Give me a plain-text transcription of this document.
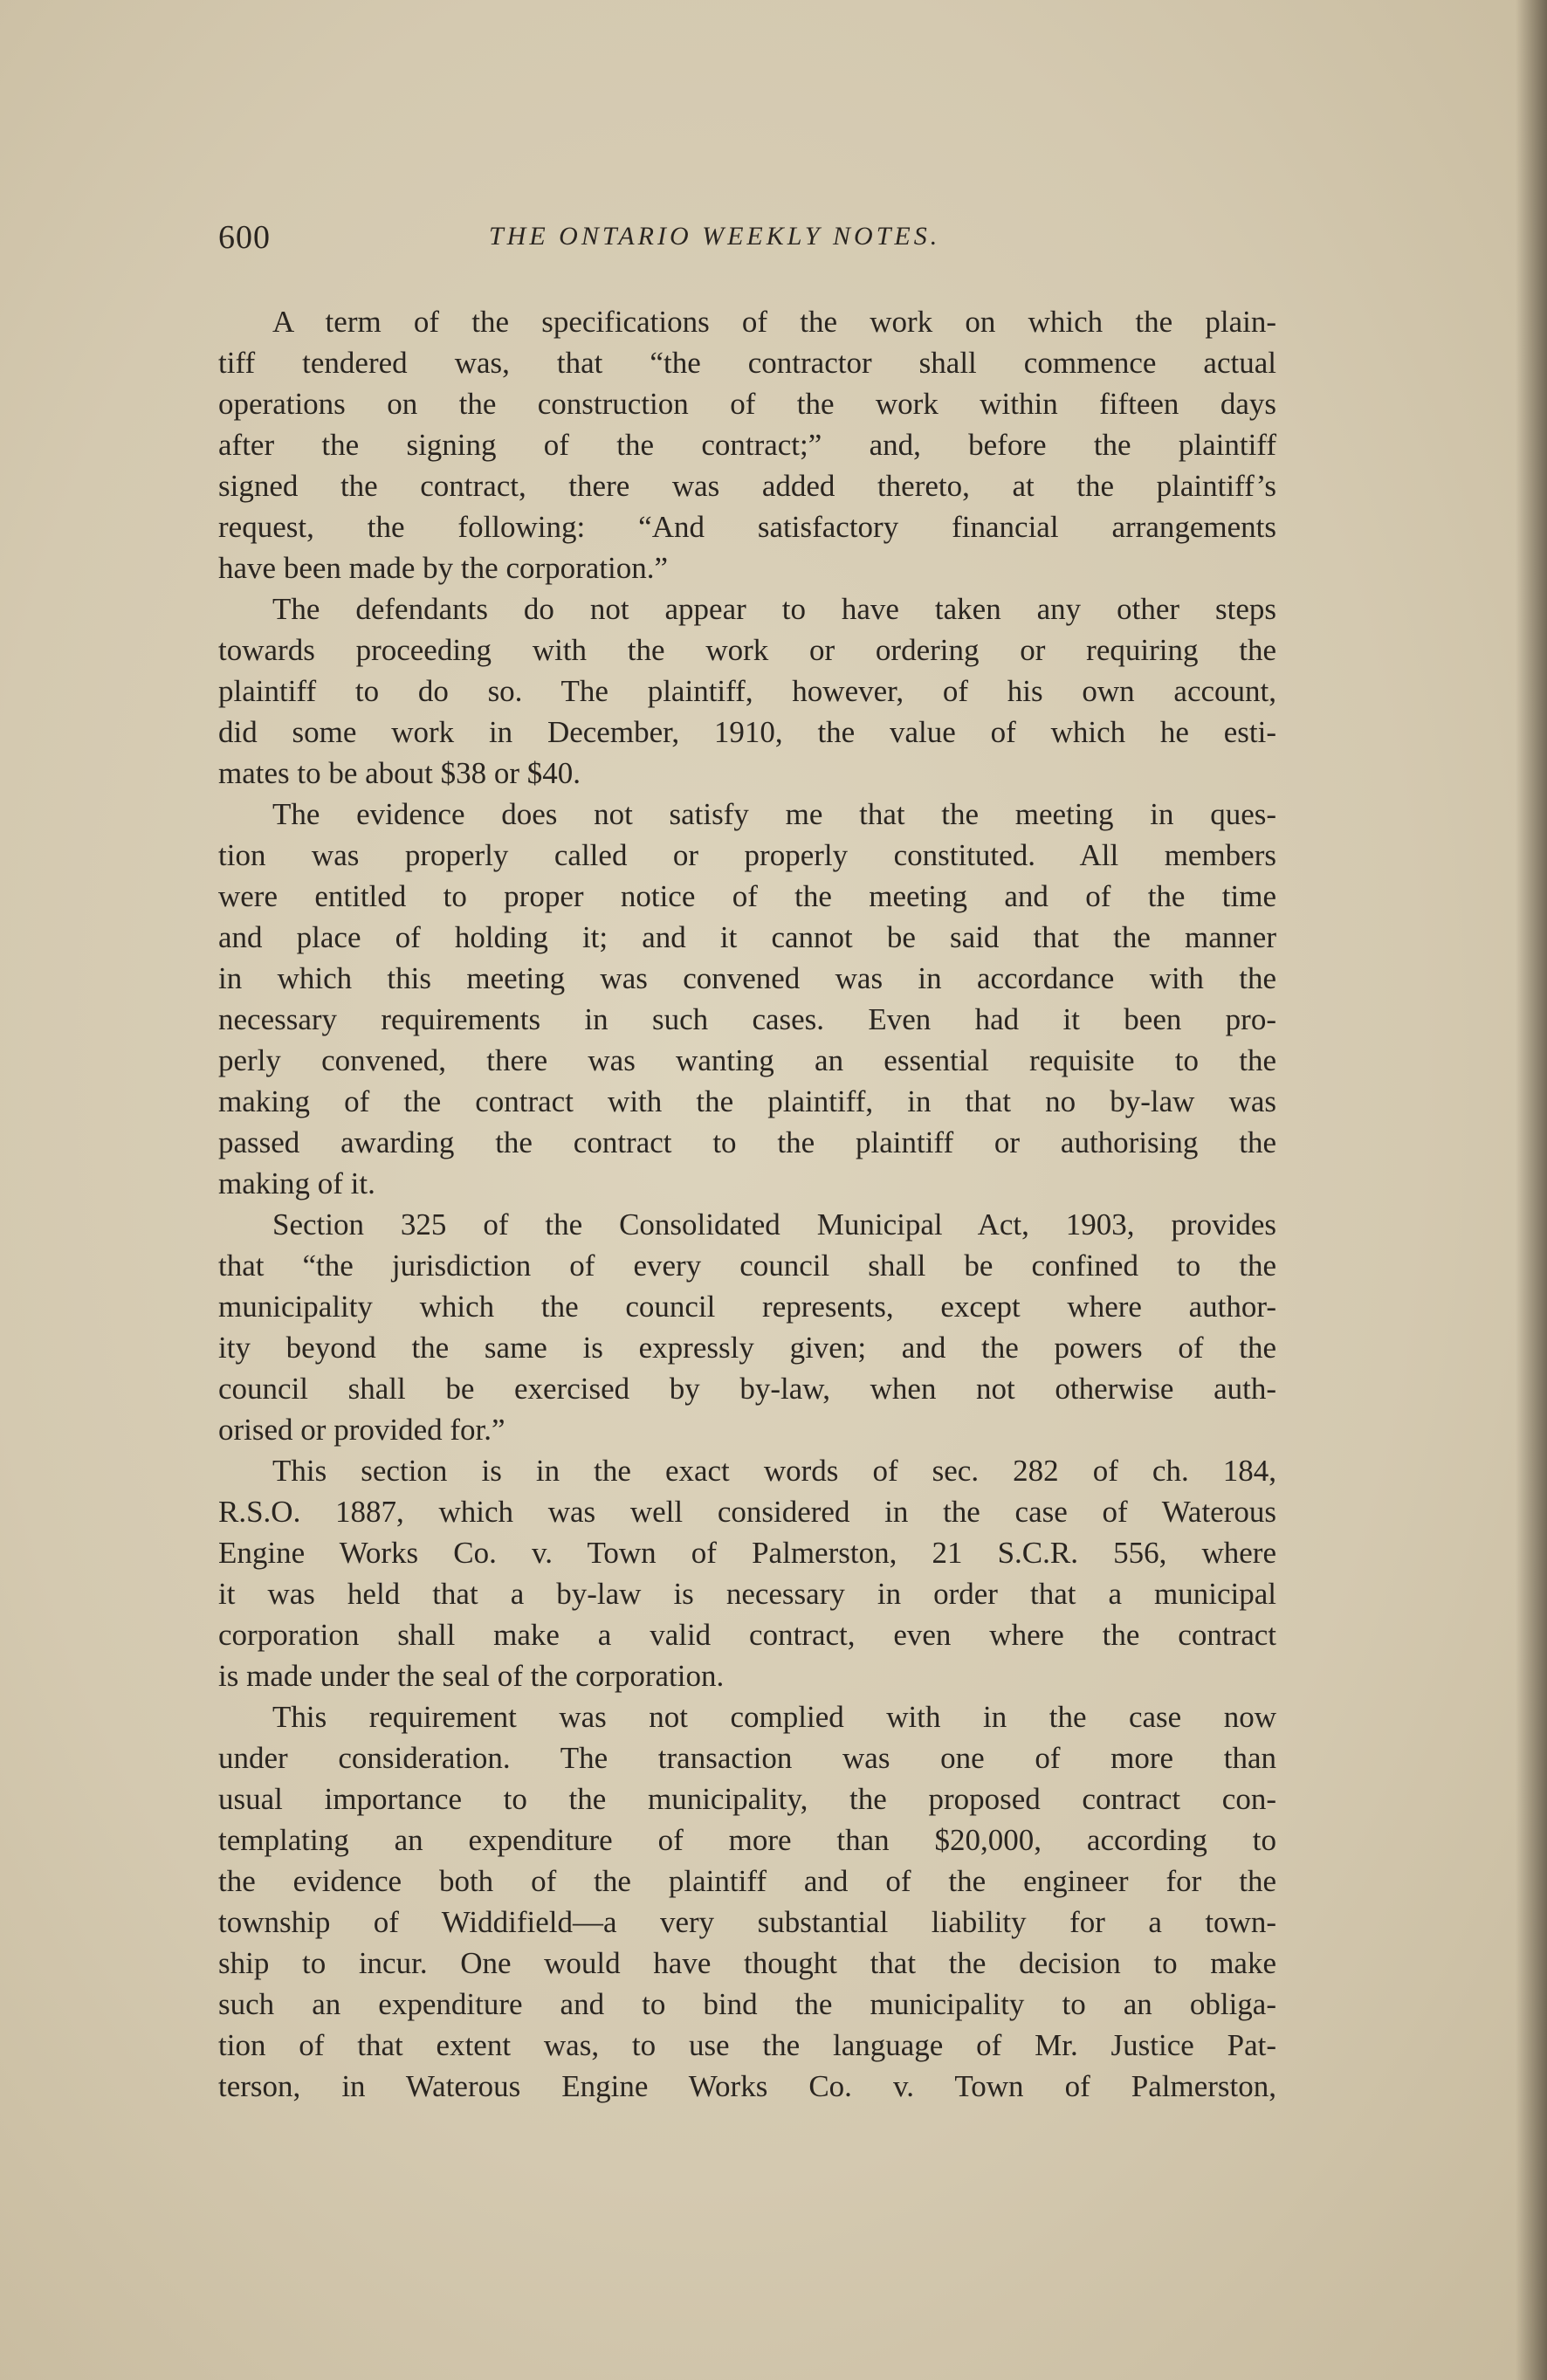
600	THE ONTARIO WEEKLY NOTES.
A term of the specifications of the work on which the plain-
tiff tendered was, that “the contractor shall commence actual
operations on the construction of the work within fifteen days
after the signing of the contract;” and, before the plaintiff
signed the contract, there was added thereto, at the plaintiff’s
request, the following: “And satisfactory financial arrangements
have been made by the corporation.”
The defendants do not appear to have taken any other steps
towards proceeding with the work or ordering or requiring the
plaintiff to do so. The plaintiff, however, of his own account,
did some work in December, 1910, the value of which he esti-
mates to be about $38 or $40.
The evidence does not satisfy me that the meeting in ques-
tion was properly called or properly constituted. All members
were entitled to proper notice of the meeting and of the time
and place of holding it; and it cannot be said that the manner
in which this meeting was convened was in accordance with the
necessary requirements in such cases. Even had it been pro-
perly convened, there was wanting an essential requisite to the
making of the contract with the plaintiff, in that no by-law was
passed awarding the contract to the plaintiff or authorising the
making of it.
Section 325 of the Consolidated Municipal Act, 1903, provides
that “the jurisdiction of every council shall be confined to the
municipality which the council represents, except where author-
ity beyond the same is expressly given; and the powers of the
council shall be exercised by by-law, when not otherwise auth-
orised or provided for.”
This section is in the exact words of sec. 282 of ch. 184,
R.S.O. 1887, which was well considered in the case of Waterous
Engine Works Co. v. Town of Palmerston, 21 S.C.R. 556, where
it was held that a by-law is necessary in order that a municipal
corporation shall make a valid contract, even where the contract
is made under the seal of the corporation.
This requirement was not complied with in the case now
under consideration. The transaction was one of more than
usual importance to the municipality, the proposed contract con-
templating an expenditure of more than $20,000, according to
the evidence both of the plaintiff and of the engineer for the
township of Widdifield—a very substantial liability for a town-
ship to incur. One would have thought that the decision to make
such an expenditure and to bind the municipality to an obliga-
tion of that extent was, to use the language of Mr. Justice Pat-
terson, in Waterous Engine Works Co. v. Town of Palmerston,
